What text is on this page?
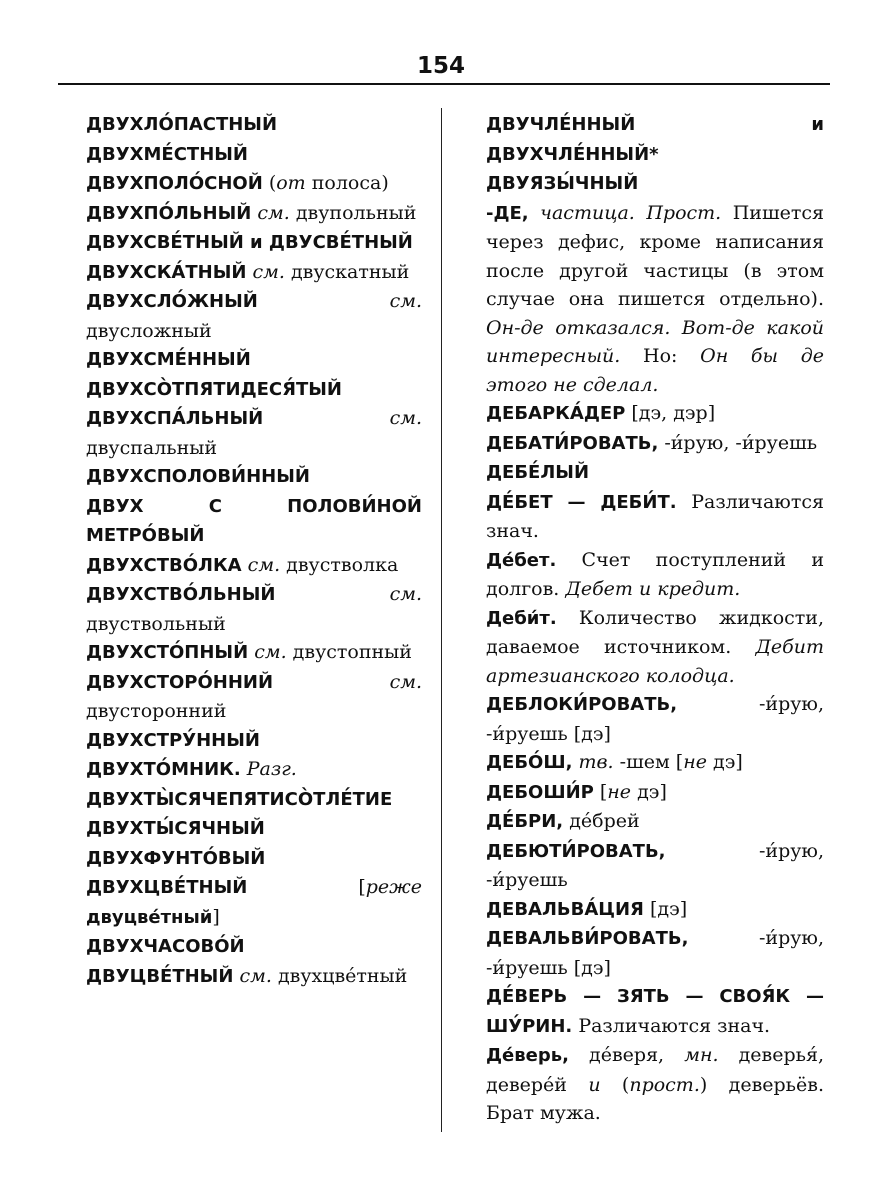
154
ДВУХЛО́ПАСТНЫЙ
ДВУХМЕ́СТНЫЙ
ДВУХПОЛО́СНОЙ (от полоса)
ДВУХПО́ЛЬНЫЙ см. двупольный
ДВУХСВЕ́ТНЫЙ и ДВУСВЕ́ТНЫЙ
ДВУХСКА́ТНЫЙ см. двускатный
ДВУХСЛО́ЖНЫЙ	см. двусложный
ДВУХСМЕ́ННЫЙ
ДВУХСО̀ТПЯТИДЕСЯ́ТЫЙ
ДВУХСПА́ЛЬНЫЙ	см. двуспальный
ДВУХСПОЛОВИ́ННЫЙ
ДВУХ С ПОЛОВИ́НОЙ МЕТРО́ВЫЙ
ДВУХСТВО́ЛКА см. двустволка
ДВУХСТВО́ЛЬНЫЙ	см. двуствольный
ДВУХСТО́ПНЫЙ см. двустопный
ДВУХСТОРО́ННИЙ	см. двусторонний
ДВУХСТРУ́ННЫЙ
ДВУХТО́МНИК. Разг.
ДВУХТЫ̀СЯЧЕПЯТИСО̀ТЛЕ́ТИЕ
ДВУХТЫ́СЯЧНЫЙ
ДВУХФУНТО́ВЫЙ
ДВУХЦВЕ́ТНЫЙ	[реже двуцве́тный]
ДВУХЧАСОВО́Й
ДВУЦВЕ́ТНЫЙ см. двухцве́тный
ДВУЧЛЕ́ННЫЙ и ДВУХЧЛЕ́ННЫЙ*
ДВУЯЗЫ́ЧНЫЙ
-ДЕ, частица. Прост. Пишется через дефис, кроме написания после другой частицы (в этом случае она пишется отдельно). Он-де отказался. Вот-де какой интересный. Но: Он бы де этого не сделал.
ДЕБАРКА́ДЕР [дэ, дэр]
ДЕБАТИ́РОВАТЬ, -и́рую, -и́руешь
ДЕБЕ́ЛЫЙ
ДЕ́БЕТ — ДЕБИ́Т. Различаются знач.
Де́бет. Счет поступлений и долгов. Дебет и кредит.
Деби́т. Количество жидкости, даваемое источником. Дебит артезианского колодца.
ДЕБЛОКИ́РОВАТЬ, -и́рую, -и́руешь [дэ]
ДЕБО́Ш, тв. -шем [не дэ]
ДЕБОШИ́Р [не дэ]
ДЕ́БРИ, де́брей
ДЕБЮТИ́РОВАТЬ, -и́рую, -и́руешь
ДЕВАЛЬВА́ЦИЯ [дэ]
ДЕВАЛЬВИ́РОВАТЬ, -и́рую, -и́руешь [дэ]
ДЕ́ВЕРЬ — ЗЯТЬ — СВОЯ́К — ШУ́РИН. Различаются знач.
Де́верь, де́веря, мн. деверья́, деверéй и (прост.) деверьёв. Брат мужа.
